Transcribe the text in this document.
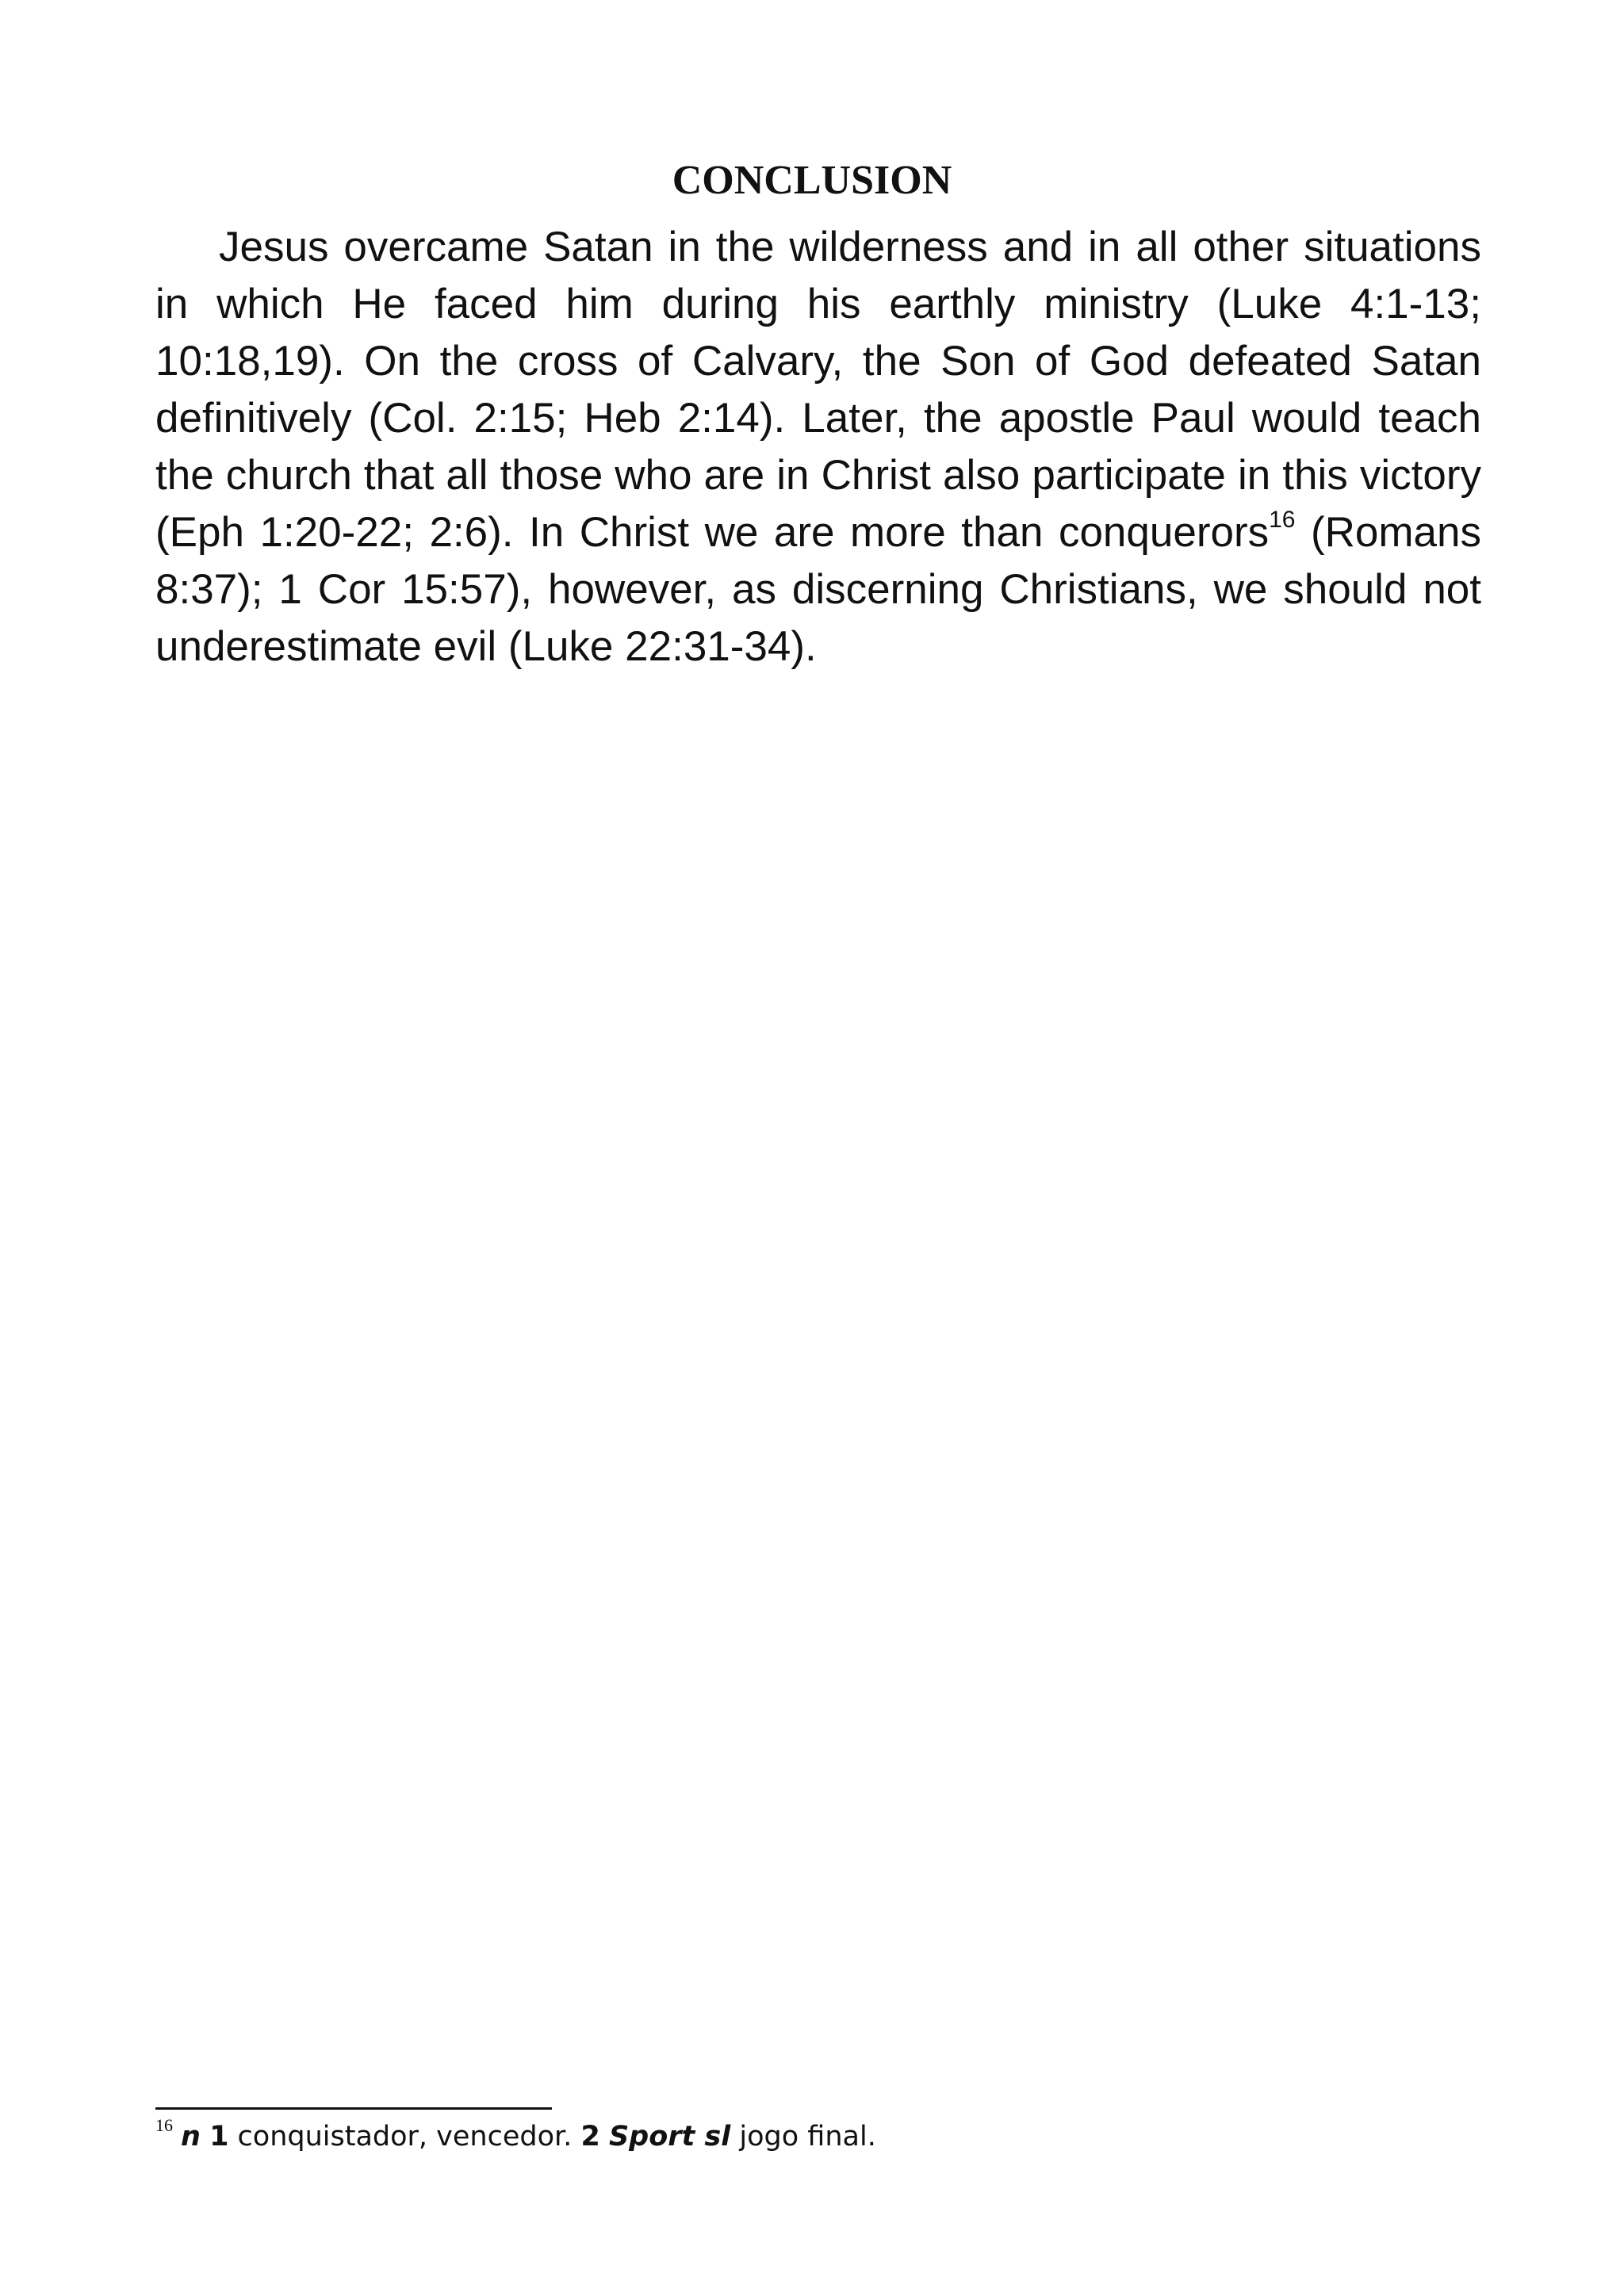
CONCLUSION

Jesus overcame Satan in the wilderness and in all other situations in which He faced him during his earthly ministry (Luke 4:1-13; 10:18,19). On the cross of Calvary, the Son of God defeated Satan definitively (Col. 2:15; Heb 2:14). Later, the apostle Paul would teach the church that all those who are in Christ also participate in this victory (Eph 1:20-22; 2:6). In Christ we are more than conquerors$^{16}$ (Romans 8:37); 1 Cor 15:57), however, as discerning Christians, we should not underestimate evil (Luke 22:31-34).

$^{16}$ n 1 conquistador, vencedor. 2 Sport sl jogo final.
